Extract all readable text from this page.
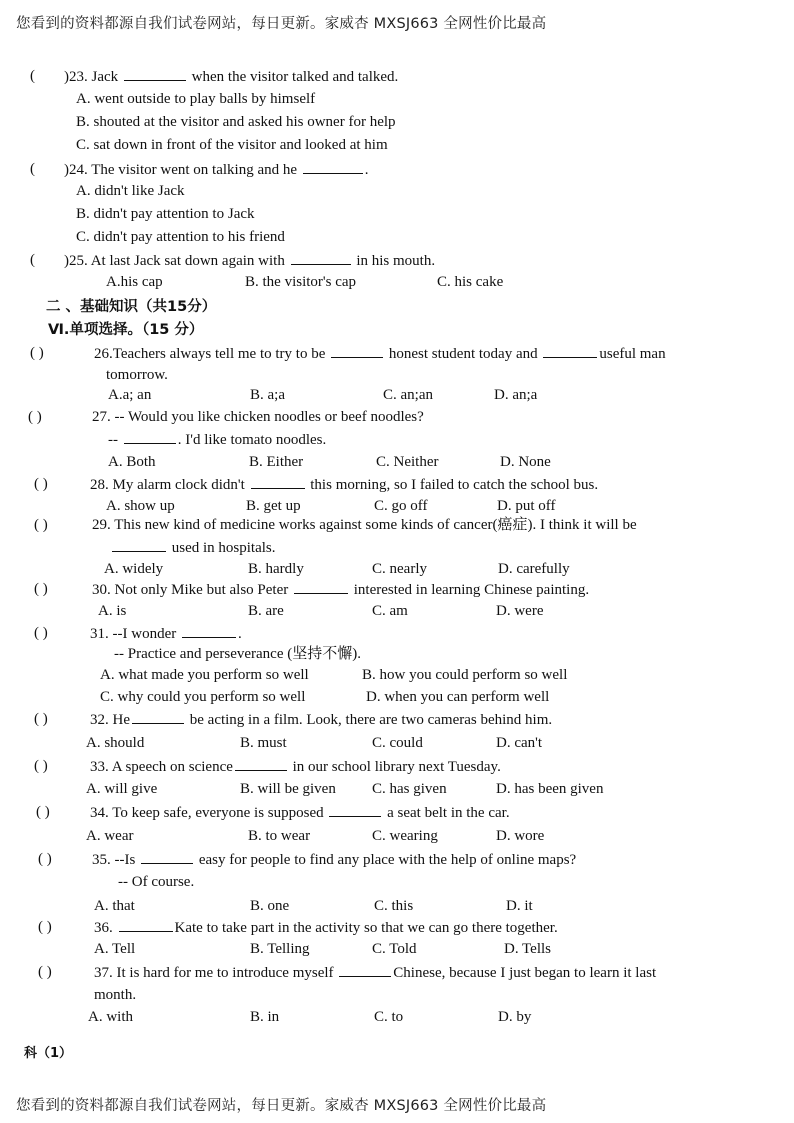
您看到的资料都源自我们试卷网站，每日更新。家威杏 MXSJ663 全网性价比最高
( )23. Jack	when the visitor talked and talked.
A. went outside to play balls by himself
B. shouted at the visitor and asked his owner for help
C. sat down in front of the visitor and looked at him
( )24. The visitor went on talking and he	.
A. didn't like Jack
B. didn't pay attention to Jack
C. didn't pay attention to his friend
( )25. At last Jack sat down again with	in his mouth.
A.his cap	B. the visitor's cap	C. his cake
二 、基础知识（共15分）
Ⅵ.单项选择。（15 分）
( )	26.Teachers always tell me to try to be	honest student today and	useful man
tomorrow.
A.a; an	B. a;a	C. an;an	D. an;a
( )	27. -- Would you like chicken noodles or beef noodles?
--	. I'd like tomato noodles.
A. Both	B. Either	C. Neither	D. None
( )	28. My alarm clock didn't	this morning, so I failed to catch the school bus.
A. show up	B. get up	C. go off	D. put off
( )	29. This new kind of medicine works against some kinds of cancer(癌症). I think it will be
used in hospitals.
A. widely	B. hardly	C. nearly	D. carefully
( )	30. Not only Mike but also Peter	interested in learning Chinese painting.
A. is	B. are	C. am	D. were
( )	31. --I wonder	.
-- Practice and perseverance (坚持不懈).
A. what made you perform so well	B. how you could perform so well
C. why could you perform so well	D. when you can perform well
( )	32. He	be acting in a film. Look, there are two cameras behind him.
A. should	B. must	C. could	D. can't
( )	33. A speech on science	in our school library next Tuesday.
A. will give	B. will be given C. has given	D. has been given
( )	34. To keep safe, everyone is supposed	a seat belt in the car.
A. wear	B. to wear	C. wearing	D. wore
( )	35. --Is	easy for people to find any place with the help of online maps?
-- Of course.
A. that	B. one	C. this	D. it
( )	36.	Kate to take part in the activity so that we can go there together.
A. Tell	B. Telling	C. Told	D. Tells
( )	37. It is hard for me to introduce myself	Chinese, because I just began to learn it last
month.
A. with	B. in	C. to	D. by
科（1）
您看到的资料都源自我们试卷网站，每日更新。家威杏 MXSJ663 全网性价比最高
